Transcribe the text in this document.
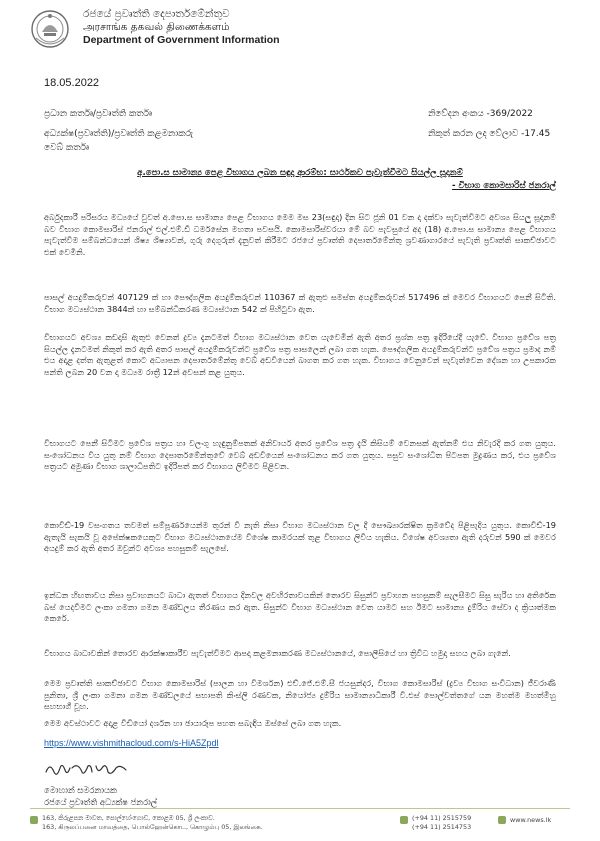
රජයේ ප්‍රවෘත්ති දෙපාර්තමේන්තුව
அரசாங்க தகவல் திணைக்களம்
Department of Government Information
18.05.2022
ප්‍රධාන කර්තෘ/ප්‍රවෘත්ති කර්තෘ
අධ්‍යක්ෂ(ප්‍රවෘත්ති)/ප්‍රවෘත්ති කළමනාකරු
වෙබ් කර්තෘ
නිවේදන අංකය -369/2022
නිකුත් කරන ලද වේලාව -17.45
අ.පො.ස සාමාන්‍ය පෙළ විභාගය ලබන සඳුදා ආරම්භ: සාර්ථකව පැවැත්වීමට සියල්ල සූදානම්
- විභාග කොමසාරිස් ජනරාල්

අර්බුදකාරී පරිසරය මධ්‍යයේ වුවත් අ.පො.ස සාමාන්‍ය පෙළ විභාගය මෙම මස 23(සඳුදා) දින සිට ජූනි 01 වන දා දක්වා පැවැත්වීමට අවශ්‍ය සියලු සූදානම් බව විභාග කොමසාරිස් ජනරාල් එල්.එම්.ඩී ධර්මසේන මහතා පවසයි. කොමසාරිස්වරයා මේ බව පැවසුයේ අද (18) අ.පො.ස සාමාන්‍ය පෙළ විභාගය පැවැත්වීම සම්බන්ධයෙන් ශිෂ්‍ය ශිෂ්‍යාවන්, ගුරු දෙගුරුන් දැනුවත් කිරීමට රජයේ ප්‍රවෘත්ති දෙපාර්තමේන්තු ශ්‍රවණාගාරයේ පැවැති ප්‍රවෘත්ති සාකච්ඡාවට එක් වෙමිනි.

පාසල් අයදුම්කරුවන් 407129 ක් හා පෞද්ගලික අයදුම්කරුවන් 110367 ක් ඇතුළු සමස්ත අයදුම්කරුවන් 517496 ක් මෙවර විභාගයට පෙනී සිටිති. විභාග මධ්‍යස්ථාන 3844ක් හා සම්බන්ධීකරණ මධ්‍යස්ථාන 542 ක් පිහිටුවා ඇත.

විභාගයට අවශ්‍ය කඩදාසි ඇතුළු වෙනත් ද්‍රව්‍ය දැනටමත් විභාග මධ්‍යස්ථාන වෙත යැවෙමින් ඇති අතර ප්‍රශ්න පත්‍ර ඉදිරියේදී යැවේ. විභාග ප්‍රවේශ පත්‍ර සියල්ල දැනටමත් නිකුත් කර ඇති අතර පාසල් අයදුම්කරුවන්ට ප්‍රවේශ පත්‍ර පාසලෙන් ලබා ගත හැක. පෞද්ගලික අයදුම්කරුවන්ට ප්‍රවේශ පත්‍රය ප්‍රමාද නම් එය අදාළ දත්ත ඇතුළත් කොට අධ්‍යාපන දෙපාර්තමේන්තු වෙබ් අඩවියෙන් බාගත කර ගත හැක. විභාගය වෙනුවෙන් පැවැත්වෙන දේශන හා උපකාරක පන්ති ලබන 20 වන දා මධ්‍යම රාත්‍රී 12න් අවසන් කළ යුතුය.

විභාගයට පෙනී සිටීමට ප්‍රවේශ පත්‍රය හා වලංගු හැඳුනුම්පතක් අනිවාර්ය අතර ප්‍රවේශ පත්‍ර දැයි කිසියම් වෙනසක් ඇත්නම් එය නිවැරදි කර ගත යුතුය. සංශෝධනය විය යුතු නම් විභාග දෙපාර්තමේන්තුවේ වෙබ් අඩවියෙන් සංශෝධනය කර ගත යුතුය. පසුව සංශෝධිත පිටපත මුද්‍රණය කර, එය ප්‍රවේශ පත්‍රයට අමුණා විභාග ශාලාධිපතිට ඉදිරිපත් කර විභාගය ලිවීමට පිළිවන.

කොවිඩ්-19 වසංගතය තවමත් සම්පූර්ණයෙන්ම තුරන් වී නැති නිසා විභාග මධ්‍යස්ථාන වල දී සෞඛ්‍යාරක්ෂිත ක්‍රමවේද පිළිපැදිය යුතුය. කොවිඩ්-19 ඇතැයි සැකයි වූ අපේක්ෂකයෙකුට විභාග මධ්‍යස්ථානයේම විශේෂ කාමරයක් තුළ විභාගය ලිවිය හැකිය. විශේෂ අවශ්‍යතා ඇති දරුවන් 590 ක් මෙවර අයදුම් කර ඇති අතර ඔවුන්ට අවශ්‍ය පහසුකම් සැලසේ.

ඉන්ධන හිඟතාවය නිසා ප්‍රවාහනයට බාධා ඇතත් විභාගය දිනවල අවහිරතාවයකින් තොරව සිසුන්ට ප්‍රවාහන පහසුකම් සැලසීමට සිසු සැරිය හා අතිරේක බස් යෙදවීමට ලංකා ගමනා ගමන මණ්ඩලය තීරණය කර ඇත. සිසුන්ට විභාග මධ්‍යස්ථාන වෙත යාමට සහ ඊමට සාමාන්‍ය දුම්රිය සේවා ද ක්‍රියාත්මක කෙරේ.

විභාගය බාධාවකින් තොරව ආරක්ෂාකාරීව පැවැත්වීමට ආපදා කළමනාකරණ මධ්‍යස්ථානයේ, පොලීසියේ හා ත්‍රිවිධ හමුදා සහය ලබා ගැනේ.

මෙම ප්‍රවෘත්ති සාකච්ඡාවට විභාග කොමසාරිස් (පාලන හා විමර්ශන) එච්.ජේ.එම්.සී ජයසුන්දර, විභාග කොමසාරිස් (ද්‍රව්‍ය විභාග සංවිධාන) ජීවරාණි පුනිතා, ශ්‍රී ලංකා ගමනා ගමන මණ්ඩලයේ සභාපති කිංස්ලි රණවක, නියෝජ්‍ය දුම්රිය සාමාන්‍යාධිකාරී වී.එස් පොල්වත්තගේ යන මහත්ම මහත්මීහු සහභාගී වූහ.

මෙම අවස්ථාවට අදාළ වීඩියෝ දර්ශන හා ඡායාරූප පහත සබැඳිය ඔස්සේ ලබා ගත හැක.

https://www.vishmithacloud.com/s-HiA5Zpdl
මොහාන් සමරනායක
රජයේ ප්‍රවෘත්ති අධ්‍යක්ෂ ජනරාල්
163, කිරුළපන මාවත, පොල්හේංගොඩ, කොළඹ 05, ශ්‍රී ලංකාව.
163, கிருலப்பனை மாவத்தை, பொல்ஹேன்கொட, கொழும்பு 05, இலங்கை.
(+94 11) 2515759
(+94 11) 2514753
www.news.lk
